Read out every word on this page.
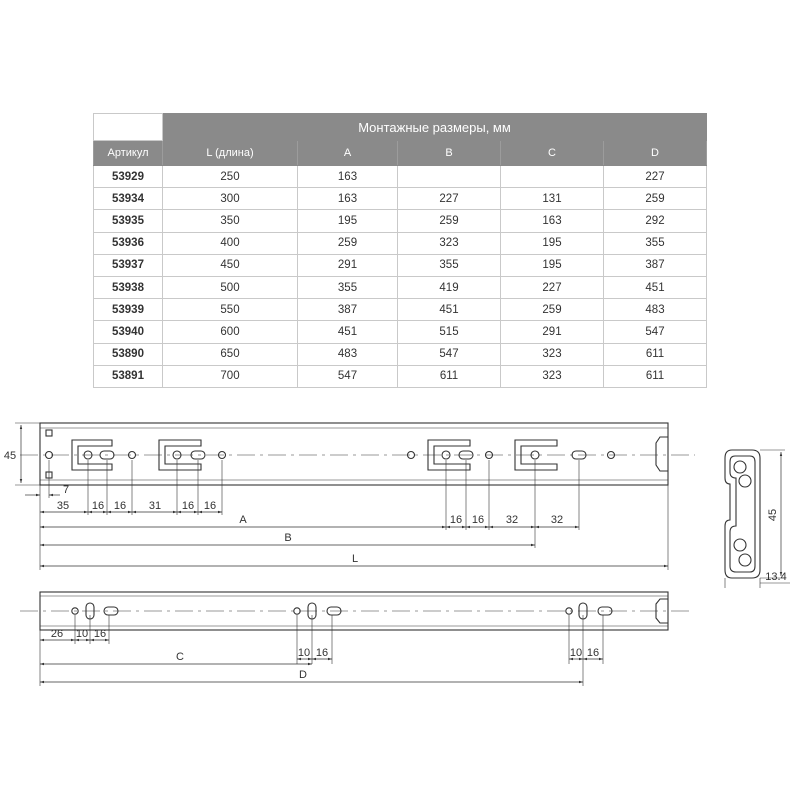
	Монтажные размеры, мм				
Артикул	L (длина)	A	B	C	D
53929	250	163			227
53934	300	163	227	131	259
53935	350	195	259	163	292
53936	400	259	323	195	355
53937	450	291	355	195	387
53938	500	355	419	227	451
53939	550	387	451	259	483
53940	600	451	515	291	547
53890	650	483	547	323	611
53891	700	547	611	323	611
45
7
35 16 16 31 16 16
16 16 32	32
A
B
L
45
13.4
26 10 16
10 16	10 16
C
D
